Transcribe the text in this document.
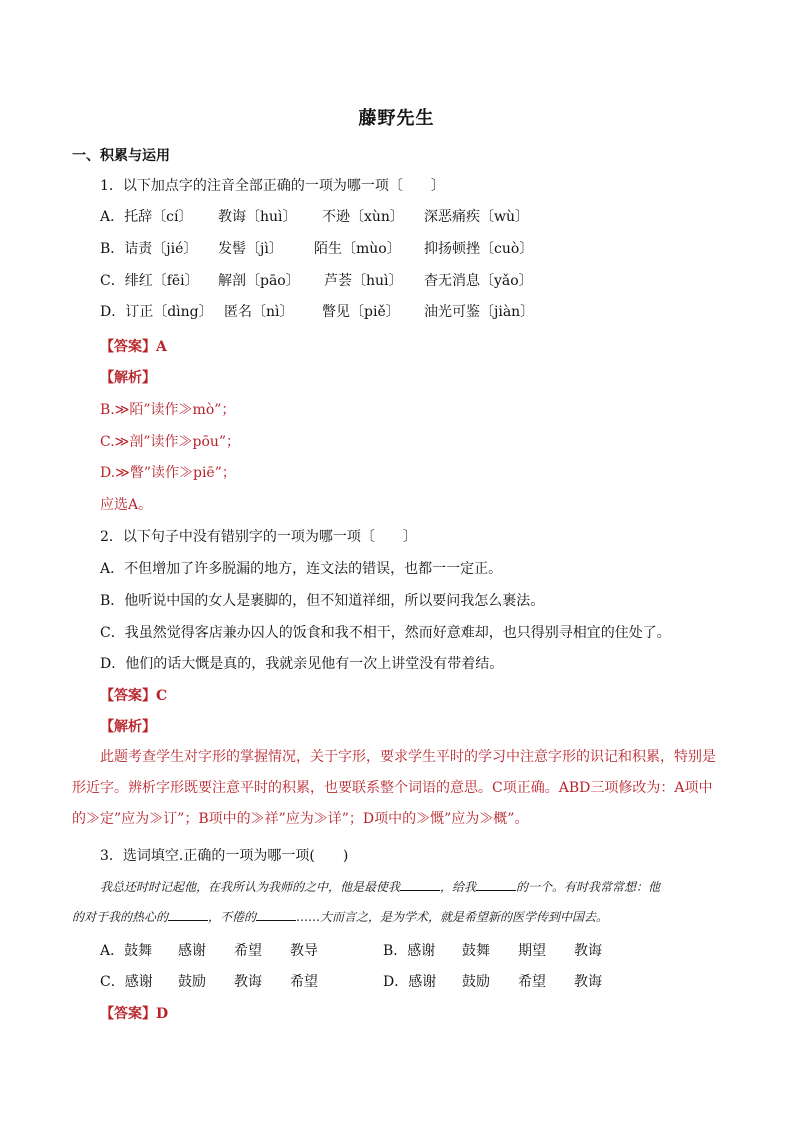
藤野先生
一、积累与运用
1．以下加点字的注音全部正确的一项为哪一项〔　　〕
A．托辞〔cí〕 教诲〔huì〕 不逊〔xùn〕 深恶痛疾〔wù〕
B．诘责〔jié〕 发髻〔jì〕 陌生〔mùo〕 抑扬顿挫〔cuò〕
C．绯红〔fēi〕 解剖〔pāo〕 芦荟〔huì〕 杳无消息〔yǎo〕
D．订正〔dìng〕 匿名〔nì〕 瞥见〔piě〕 油光可鉴〔jiàn〕
【答案】A
【解析】
B.≫陌”读作≫mò”；
C.≫剖”读作≫pōu”；
D.≫瞥”读作≫piē”；
应选A。
2．以下句子中没有错别字的一项为哪一项〔　　〕
A．不但增加了许多脱漏的地方，连文法的错误，也都一一定正。
B．他听说中国的女人是裹脚的，但不知道祥细，所以要问我怎么裹法。
C．我虽然觉得客店兼办囚人的饭食和我不相干，然而好意难却，也只得别寻相宜的住处了。
D．他们的话大慨是真的，我就亲见他有一次上讲堂没有带着结。
【答案】C
【解析】
此题考查学生对字形的掌握情况，关于字形，要求学生平时的学习中注意字形的识记和积累，特别是形近字。辨析字形既要注意平时的积累，也要联系整个词语的意思。C项正确。ABD三项修改为：A项中的≫定”应为≫订”；B项中的≫祥”应为≫详”；D项中的≫慨”应为≫概”。
3．选词填空.正确的一项为哪一项(　　)
我总还时时记起他，在我所认为我师的之中，他是最使我	，给我	的一个。有时我常常想：他
的对于我的热心的	，不倦的	……大而言之，是为学术，就是希望新的医学传到中国去。
A．鼓舞 感谢 希望 教导	B．感谢 鼓舞 期望 教诲
C．感谢 鼓励 教诲 希望	D．感谢 鼓励 希望 教诲
【答案】D
